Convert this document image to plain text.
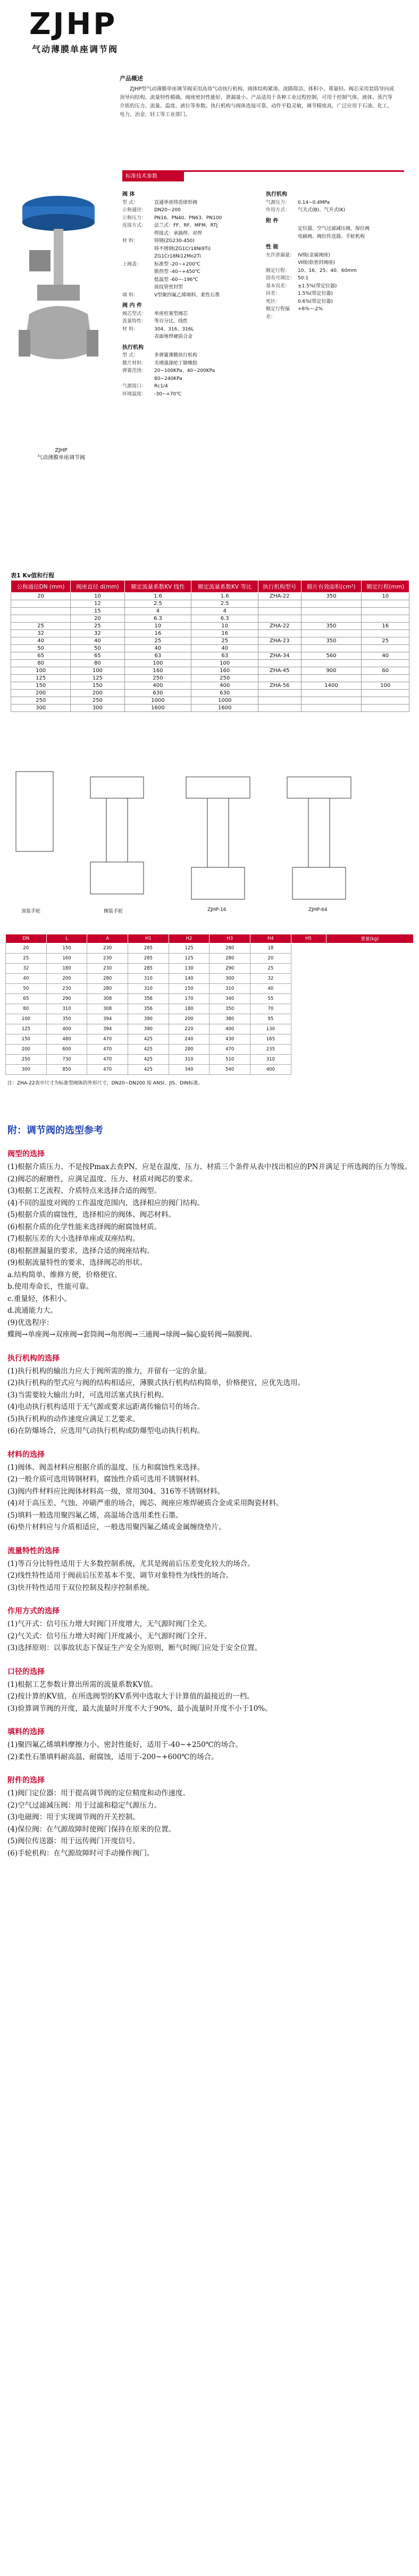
ZJHP
气动薄膜单座调节阀
产品概述

ZJHP型气动薄膜单座调节阀采用高效气动执行机构，阀体结构紧凑、流路简洁、体积小、重量轻。阀芯采用套筒导向或顶导向结构，流量特性精确，阀座密封性能好，泄漏量小。产品适用于各种工业过程控制，可用于控制气体、液体、蒸汽等介质的压力、流量、温度、液位等参数。执行机构与阀体连接可靠，动作平稳灵敏，调节精度高，广泛应用于石油、化工、电力、冶金、轻工等工业部门。

ZJHP
气动薄膜单座调节阀
标准技术参数
阀 体
型 式：	直通单座铸造球形阀
公称通径：	DN20~200
公称压力：	PN16、PN40、PN63、PN100
连接方式：	法兰式：FF、RF、MFM、RTJ
焊接式：承插焊、对焊
材 料：	铸钢(ZG230-450)
铸不锈钢(ZG1Cr18Ni9Ti)
ZG1Cr18Ni12Mo2Ti
上阀盖：	标准型 -20~+200℃
散热型 -40~+450℃
低温型 -60~-196℃
波纹管密封型
填 料：	V型聚四氟乙烯填料、柔性石墨
阀 内 件
阀芯型式：	单座柱塞型阀芯
流量特性：	等百分比、线性
材 料：	304、316、316L
表面堆焊硬质合金
执行机构
型 式：	多弹簧薄膜执行机构
膜片材料：	夹增强涤纶丁腈橡胶
弹簧范围：	20~100KPa、40~200KPa
80~240KPa
气源接口：	Rc1/4
环境温度：	-30~+70℃
执行机构
气源压力：	0.14~0.4MPa
作用方式：	气关式(B)、气开式(K)
附 件
定位器、空气过滤减压阀、保位阀
电磁阀、阀位传送器、手轮机构
性 能
允许泄漏量： IV级(金属阀座)
VI级(软密封阀座)
额定行程：	10、16、25、40、60mm
固有可调比： 50:1
基本误差：	±1.5%(带定位器)
回差：	1.5%(带定位器)
死区：	0.6%(带定位器)
额定行程偏差：
+6%~-2%
表1 Kv值和行程
公称通径DN (mm)	阀座直径 d(mm)	额定流量系数KV 线性	额定流量系数KV 等比	执行机构型号	膜片有效面积(cm²)	额定行程(mm)
20	10	1.6	1.6	ZHA-22	350	10
	12	2.5	2.5			
	15	4	4			
	20	6.3	6.3			
25	25	10	10	ZHA-22	350	16
32	32	16	16			
40	40	25	25	ZHA-23	350	25
50	50	40	40			
65	65	63	63	ZHA-34	560	40
80	80	100	100			
100	100	160	160	ZHA-45	900	60
125	125	250	250			
150	150	400	400	ZHA-56	1400	100
200	200	630	630			
250	250	1000	1000			
300	300	1600	1600			
顶装手轮	侧装手轮	ZJHP-16	ZJHP-64
DN	L	A	H1	H2	H3	H4	H5	重量(kg)
20	150	230	285	125	280	18		
25	160	230	285	125	280	20		
32	180	230	285	130	290	25		
40	200	280	310	140	300	32		
50	230	280	310	150	310	40		
65	290	308	356	170	340	55		
80	310	308	356	180	350	70		
100	350	394	390	200	380	95		
125	400	394	390	220	400	130		
150	480	470	425	240	430	165		
200	600	470	425	280	470	235		
250	730	470	425	310	510	310		
300	850	470	425	340	540	400		
注：ZHA-22表中尺寸为标准型阀体的外形尺寸，DN20~DN200 按 ANSI、JIS、DIN标准。
附：调节阀的选型参考
阀型的选择

(1)根据介质压力、不是按Pmax去查PN，应是在温度、压力、材质三个条件从表中找出相应的PN并满足于所选阀的压力等级。

(2)阀芯的耐磨性，应满足温度、压力、材质对阀芯的要求。

(3)根据工艺流程、介质特点来选择合适的阀型。

(4)不同的温度对阀的工作温度范围内，选择相应的阀门结构。

(5)根据介质的腐蚀性，选择相应的阀体、阀芯材料。

(6)根据介质的化学性能来选择阀的耐腐蚀材质。

(7)根据压差的大小选择单座或双座结构。

(8)根据泄漏量的要求，选择合适的阀座结构。

(9)根据流量特性的要求，选择阀芯的形状。

a.结构简单、维修方便，价格便宜。

b.使用寿命长，性能可靠。

c.重量轻，体积小。

d.流通能力大。

(9)优选程序：

蝶阀→单座阀→双座阀→套筒阀→角形阀→三通阀→球阀→偏心旋转阀→隔膜阀。

执行机构的选择

(1)执行机构的输出力应大于阀所需的推力，并留有一定的余量。

(2)执行机构的型式应与阀的结构相适应，薄膜式执行机构结构简单，价格便宜，应优先选用。

(3)当需要较大输出力时，可选用活塞式执行机构。

(4)电动执行机构适用于无气源或要求远距离传输信号的场合。

(5)执行机构的动作速度应满足工艺要求。

(6)在防爆场合，应选用气动执行机构或防爆型电动执行机构。

材料的选择

(1)阀体、阀盖材料应根据介质的温度、压力和腐蚀性来选择。

(2)一般介质可选用铸钢材料，腐蚀性介质可选用不锈钢材料。

(3)阀内件材料应比阀体材料高一级，常用304、316等不锈钢材料。

(4)对于高压差、气蚀、冲刷严重的场合，阀芯、阀座应堆焊硬质合金或采用陶瓷材料。

(5)填料一般选用聚四氟乙烯，高温场合选用柔性石墨。

(6)垫片材料应与介质相适应，一般选用聚四氟乙烯或金属缠绕垫片。

流量特性的选择

(1)等百分比特性适用于大多数控制系统，尤其是阀前后压差变化较大的场合。

(2)线性特性适用于阀前后压差基本不变、调节对象特性为线性的场合。

(3)快开特性适用于双位控制及程序控制系统。

作用方式的选择

(1)气开式：信号压力增大时阀门开度增大，无气源时阀门全关。

(2)气关式：信号压力增大时阀门开度减小，无气源时阀门全开。

(3)选择原则：以事故状态下保证生产安全为原则，断气时阀门应处于安全位置。

口径的选择

(1)根据工艺参数计算出所需的流量系数KV值。

(2)按计算的KV值，在所选阀型的KV系列中选取大于计算值的最接近的一档。

(3)验算调节阀的开度，最大流量时开度不大于90%，最小流量时开度不小于10%。

填料的选择

(1)聚四氟乙烯填料摩擦力小、密封性能好，适用于-40~+250℃的场合。

(2)柔性石墨填料耐高温、耐腐蚀，适用于-200~+600℃的场合。

附件的选择

(1)阀门定位器：用于提高调节阀的定位精度和动作速度。

(2)空气过滤减压阀：用于过滤和稳定气源压力。

(3)电磁阀：用于实现调节阀的开关控制。

(4)保位阀：在气源故障时使阀门保持在原来的位置。

(5)阀位传送器：用于远传阀门开度信号。

(6)手轮机构：在气源故障时可手动操作阀门。
